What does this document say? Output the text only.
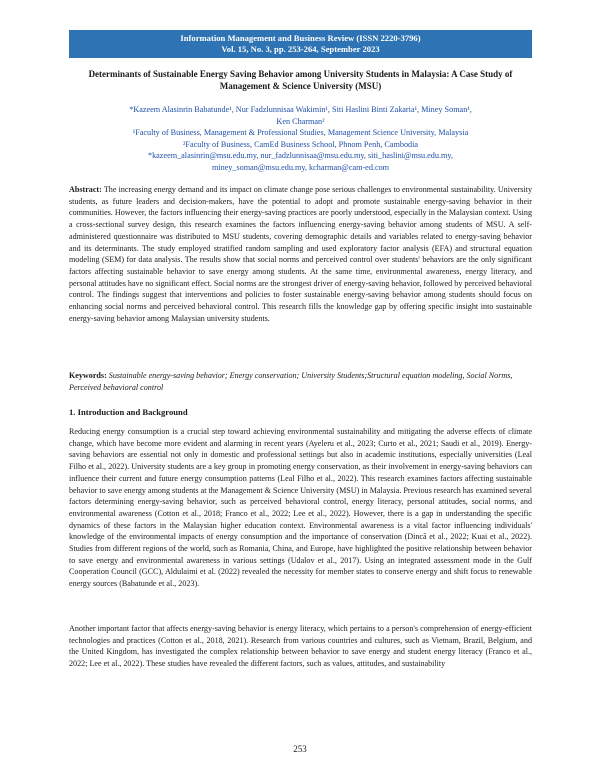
Information Management and Business Review (ISSN 2220-3796)
Vol. 15, No. 3, pp. 253-264, September 2023
Determinants of Sustainable Energy Saving Behavior among University Students in Malaysia: A Case Study of Management & Science University (MSU)
*Kazeem Alasinrin Babatunde¹, Nur Fadzlunnisaa Wakimin¹, Siti Haslini Binti Zakaria¹, Miney Soman¹,
Ken Charman²
¹Faculty of Business, Management & Professional Studies, Management Science University, Malaysia
²Faculty of Business, CamEd Business School, Phnom Penh, Cambodia
*kazeem_alasinrin@msu.edu.my, nur_fadzlunnisaa@msu.edu.my, siti_haslini@msu.edu.my,
miney_soman@msu.edu.my, kcharman@cam-ed.com
Abstract: The increasing energy demand and its impact on climate change pose serious challenges to environmental sustainability. University students, as future leaders and decision-makers, have the potential to adopt and promote sustainable energy-saving behavior in their communities. However, the factors influencing their energy-saving practices are poorly understood, especially in the Malaysian context. Using a cross-sectional survey design, this research examines the factors influencing energy-saving behavior among students of MSU. A self-administered questionnaire was distributed to MSU students, covering demographic details and variables related to energy-saving behavior and its determinants. The study employed stratified random sampling and used exploratory factor analysis (EFA) and structural equation modeling (SEM) for data analysis. The results show that social norms and perceived control over students' behaviors are the only significant factors affecting sustainable behavior to save energy among students. At the same time, environmental awareness, energy literacy, and personal attitudes have no significant effect. Social norms are the strongest driver of energy-saving behavior, followed by perceived behavioral control. The findings suggest that interventions and policies to foster sustainable energy-saving behavior among students should focus on enhancing social norms and perceived behavioral control. This research fills the knowledge gap by offering specific insight into sustainable energy-saving behavior among Malaysian university students.
Keywords: Sustainable energy-saving behavior; Energy conservation; University Students;Structural equation modeling, Social Norms, Perceived behavioral control
1. Introduction and Background
Reducing energy consumption is a crucial step toward achieving environmental sustainability and mitigating the adverse effects of climate change, which have become more evident and alarming in recent years (Ayeleru et al., 2023; Curto et al., 2021; Saudi et al., 2019). Energy-saving behaviors are essential not only in domestic and professional settings but also in academic institutions, especially universities (Leal Filho et al., 2022). University students are a key group in promoting energy conservation, as their involvement in energy-saving behaviors can influence their current and future energy consumption patterns (Leal Filho et al., 2022). This research examines factors affecting sustainable behavior to save energy among students at the Management & Science University (MSU) in Malaysia. Previous research has examined several factors determining energy-saving behavior, such as perceived behavioral control, energy literacy, personal attitudes, social norms, and environmental awareness (Cotton et al., 2018; Franco et al., 2022; Lee et al., 2022). However, there is a gap in understanding the specific dynamics of these factors in the Malaysian higher education context. Environmental awareness is a vital factor influencing individuals' knowledge of the environmental impacts of energy consumption and the importance of conservation (Dincă et al., 2022; Kuai et al., 2022). Studies from different regions of the world, such as Romania, China, and Europe, have highlighted the positive relationship between behavior to save energy and environmental awareness in various settings (Udalov et al., 2017). Using an integrated assessment mode in the Gulf Cooperation Council (GCC), Aldulaimi et al. (2022) revealed the necessity for member states to conserve energy and shift focus to renewable energy sources (Babatunde et al., 2023).
Another important factor that affects energy-saving behavior is energy literacy, which pertains to a person's comprehension of energy-efficient technologies and practices (Cotton et al., 2018, 2021). Research from various countries and cultures, such as Vietnam, Brazil, Belgium, and the United Kingdom, has investigated the complex relationship between behavior to save energy and student energy literacy (Franco et al., 2022; Lee et al., 2022). These studies have revealed the different factors, such as values, attitudes, and sustainability
253
